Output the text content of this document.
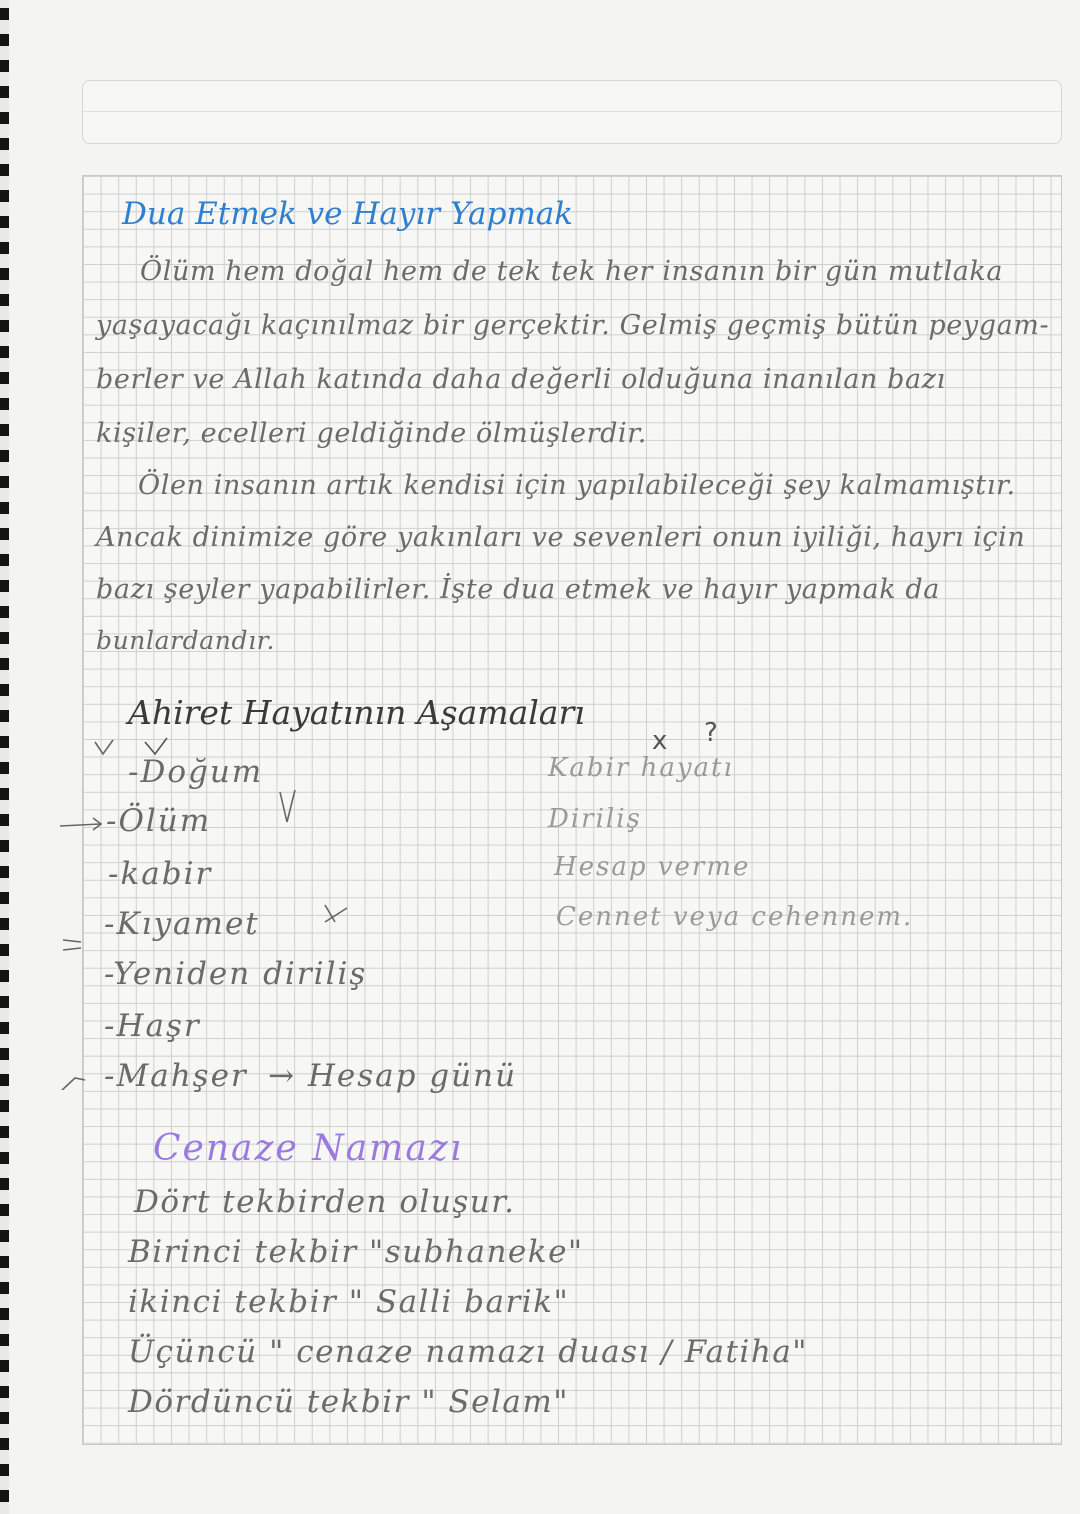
Dua Etmek ve Hayır Yapmak
Ölüm hem doğal hem de tek tek her insanın bir gün mutlaka
yaşayacağı kaçınılmaz bir gerçektir. Gelmiş geçmiş bütün peygam-
berler ve Allah katında daha değerli olduğuna inanılan bazı
kişiler, ecelleri geldiğinde ölmüşlerdir.
Ölen insanın artık kendisi için yapılabileceği şey kalmamıştır.
Ancak dinimize göre yakınları ve sevenleri onun iyiliği, hayrı için
bazı şeyler yapabilirler. İşte dua etmek ve hayır yapmak da
bunlardandır.
Ahiret Hayatının Aşamaları
-Doğum
-Ölüm
-kabir
-Kıyamet
-Yeniden diriliş
-Haşr
-Mahşer → Hesap günü
Kabir hayatı
Diriliş
Hesap verme
Cennet veya cehennem.
x ?
Cenaze Namazı
Dört tekbirden oluşur.
Birinci tekbir "subhaneke"
ikinci tekbir " Salli barik"
Üçüncü " cenaze namazı duası / Fatiha"
Dördüncü tekbir " Selam"
